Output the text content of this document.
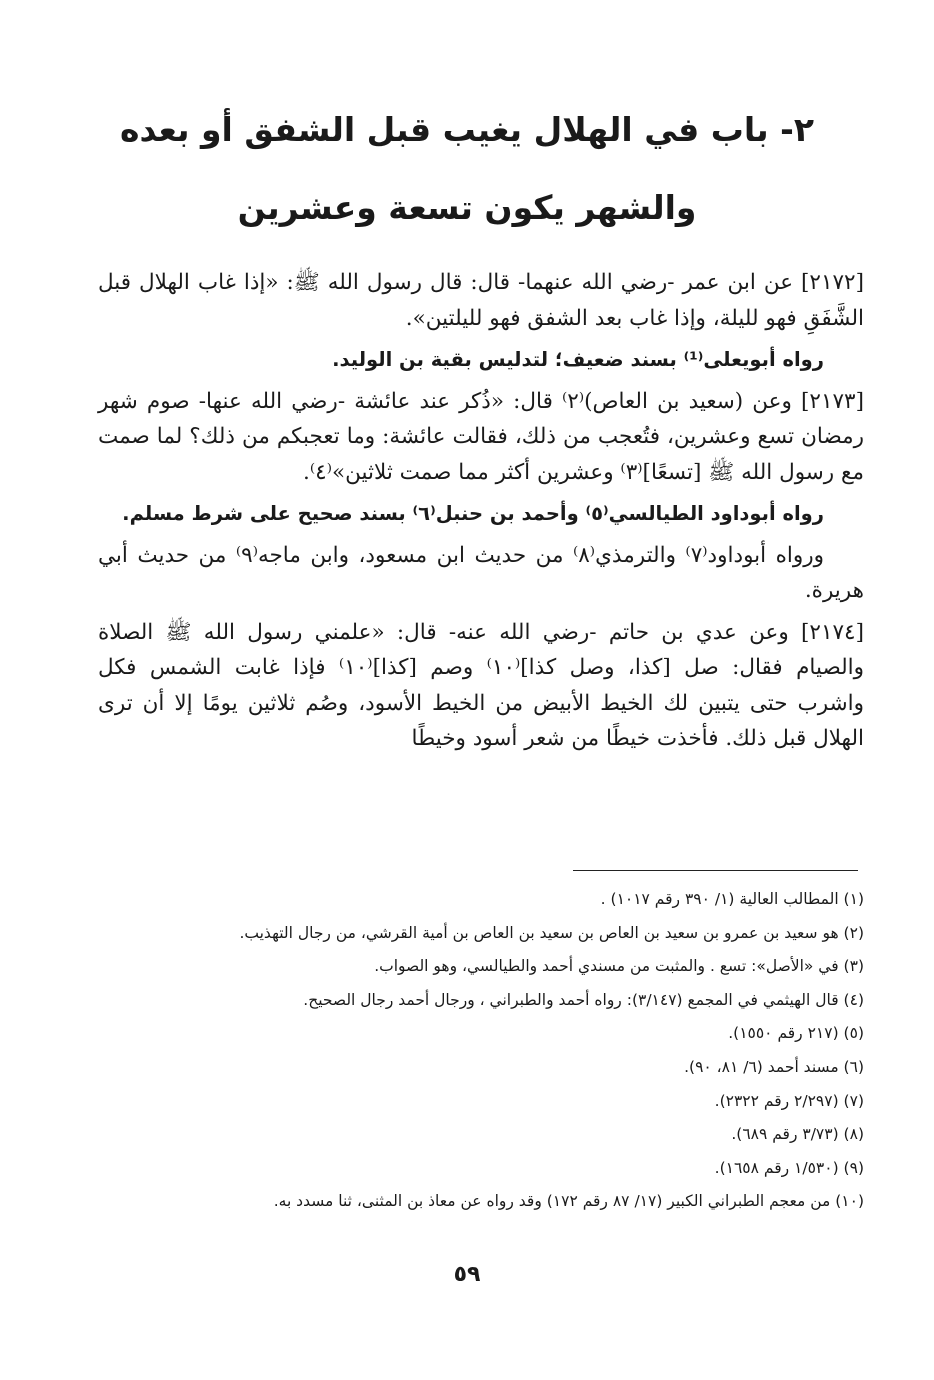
٢- باب في الهلال يغيب قبل الشفق أو بعده
والشهر يكون تسعة وعشرين

[٢١٧٢] عن ابن عمر -رضي الله عنهما- قال: قال رسول الله ﷺ: «إذا غاب الهلال قبل الشَّفَقِ فهو لليلة، وإذا غاب بعد الشفق فهو لليلتين».

رواه أبويعلى⁽¹⁾ بسند ضعيف؛ لتدليس بقية بن الوليد.

[٢١٧٣] وعن (سعيد بن العاص)⁽٢⁾ قال: «ذُكر عند عائشة -رضي الله عنها- صوم شهر رمضان تسع وعشرين، فتُعجب من ذلك، فقالت عائشة: وما تعجبكم من ذلك؟ لما صمت مع رسول الله ﷺ [تسعًا]⁽٣⁾ وعشرين أكثر مما صمت ثلاثين»⁽٤⁾.

رواه أبوداود الطيالسي⁽٥⁾ وأحمد بن حنبل⁽٦⁾ بسند صحيح على شرط مسلم.

ورواه أبوداود⁽٧⁾ والترمذي⁽٨⁾ من حديث ابن مسعود، وابن ماجه⁽٩⁾ من حديث أبي هريرة.

[٢١٧٤] وعن عدي بن حاتم -رضي الله عنه- قال: «علمني رسول الله ﷺ الصلاة والصيام فقال: صل [كذا، وصل كذا]⁽١٠⁾ وصم [كذا]⁽١٠⁾ فإذا غابت الشمس فكل واشرب حتى يتبين لك الخيط الأبيض من الخيط الأسود، وصُم ثلاثين يومًا إلا أن ترى الهلال قبل ذلك. فأخذت خيطًا من شعر أسود وخيطًا

(١) المطالب العالية (١/ ٣٩٠ رقم ١٠١٧) .
(٢) هو سعيد بن عمرو بن سعيد بن العاص بن سعيد بن العاص بن أمية القرشي، من رجال التهذيب.
(٣) في «الأصل»: تسع . والمثبت من مسندي أحمد والطيالسي، وهو الصواب.
(٤) قال الهيثمي في المجمع (٣/١٤٧): رواه أحمد والطبراني ، ورجال أحمد رجال الصحيح.
(٥) (٢١٧ رقم ١٥٥٠).
(٦) مسند أحمد (٦/ ٨١، ٩٠).
(٧) (٢/٢٩٧ رقم ٢٣٢٢).
(٨) (٣/٧٣ رقم ٦٨٩).
(٩) (١/٥٣٠ رقم ١٦٥٨).
(١٠) من معجم الطبراني الكبير (١٧/ ٨٧ رقم ١٧٢) وقد رواه عن معاذ بن المثنى، ثنا مسدد به.
٥٩
